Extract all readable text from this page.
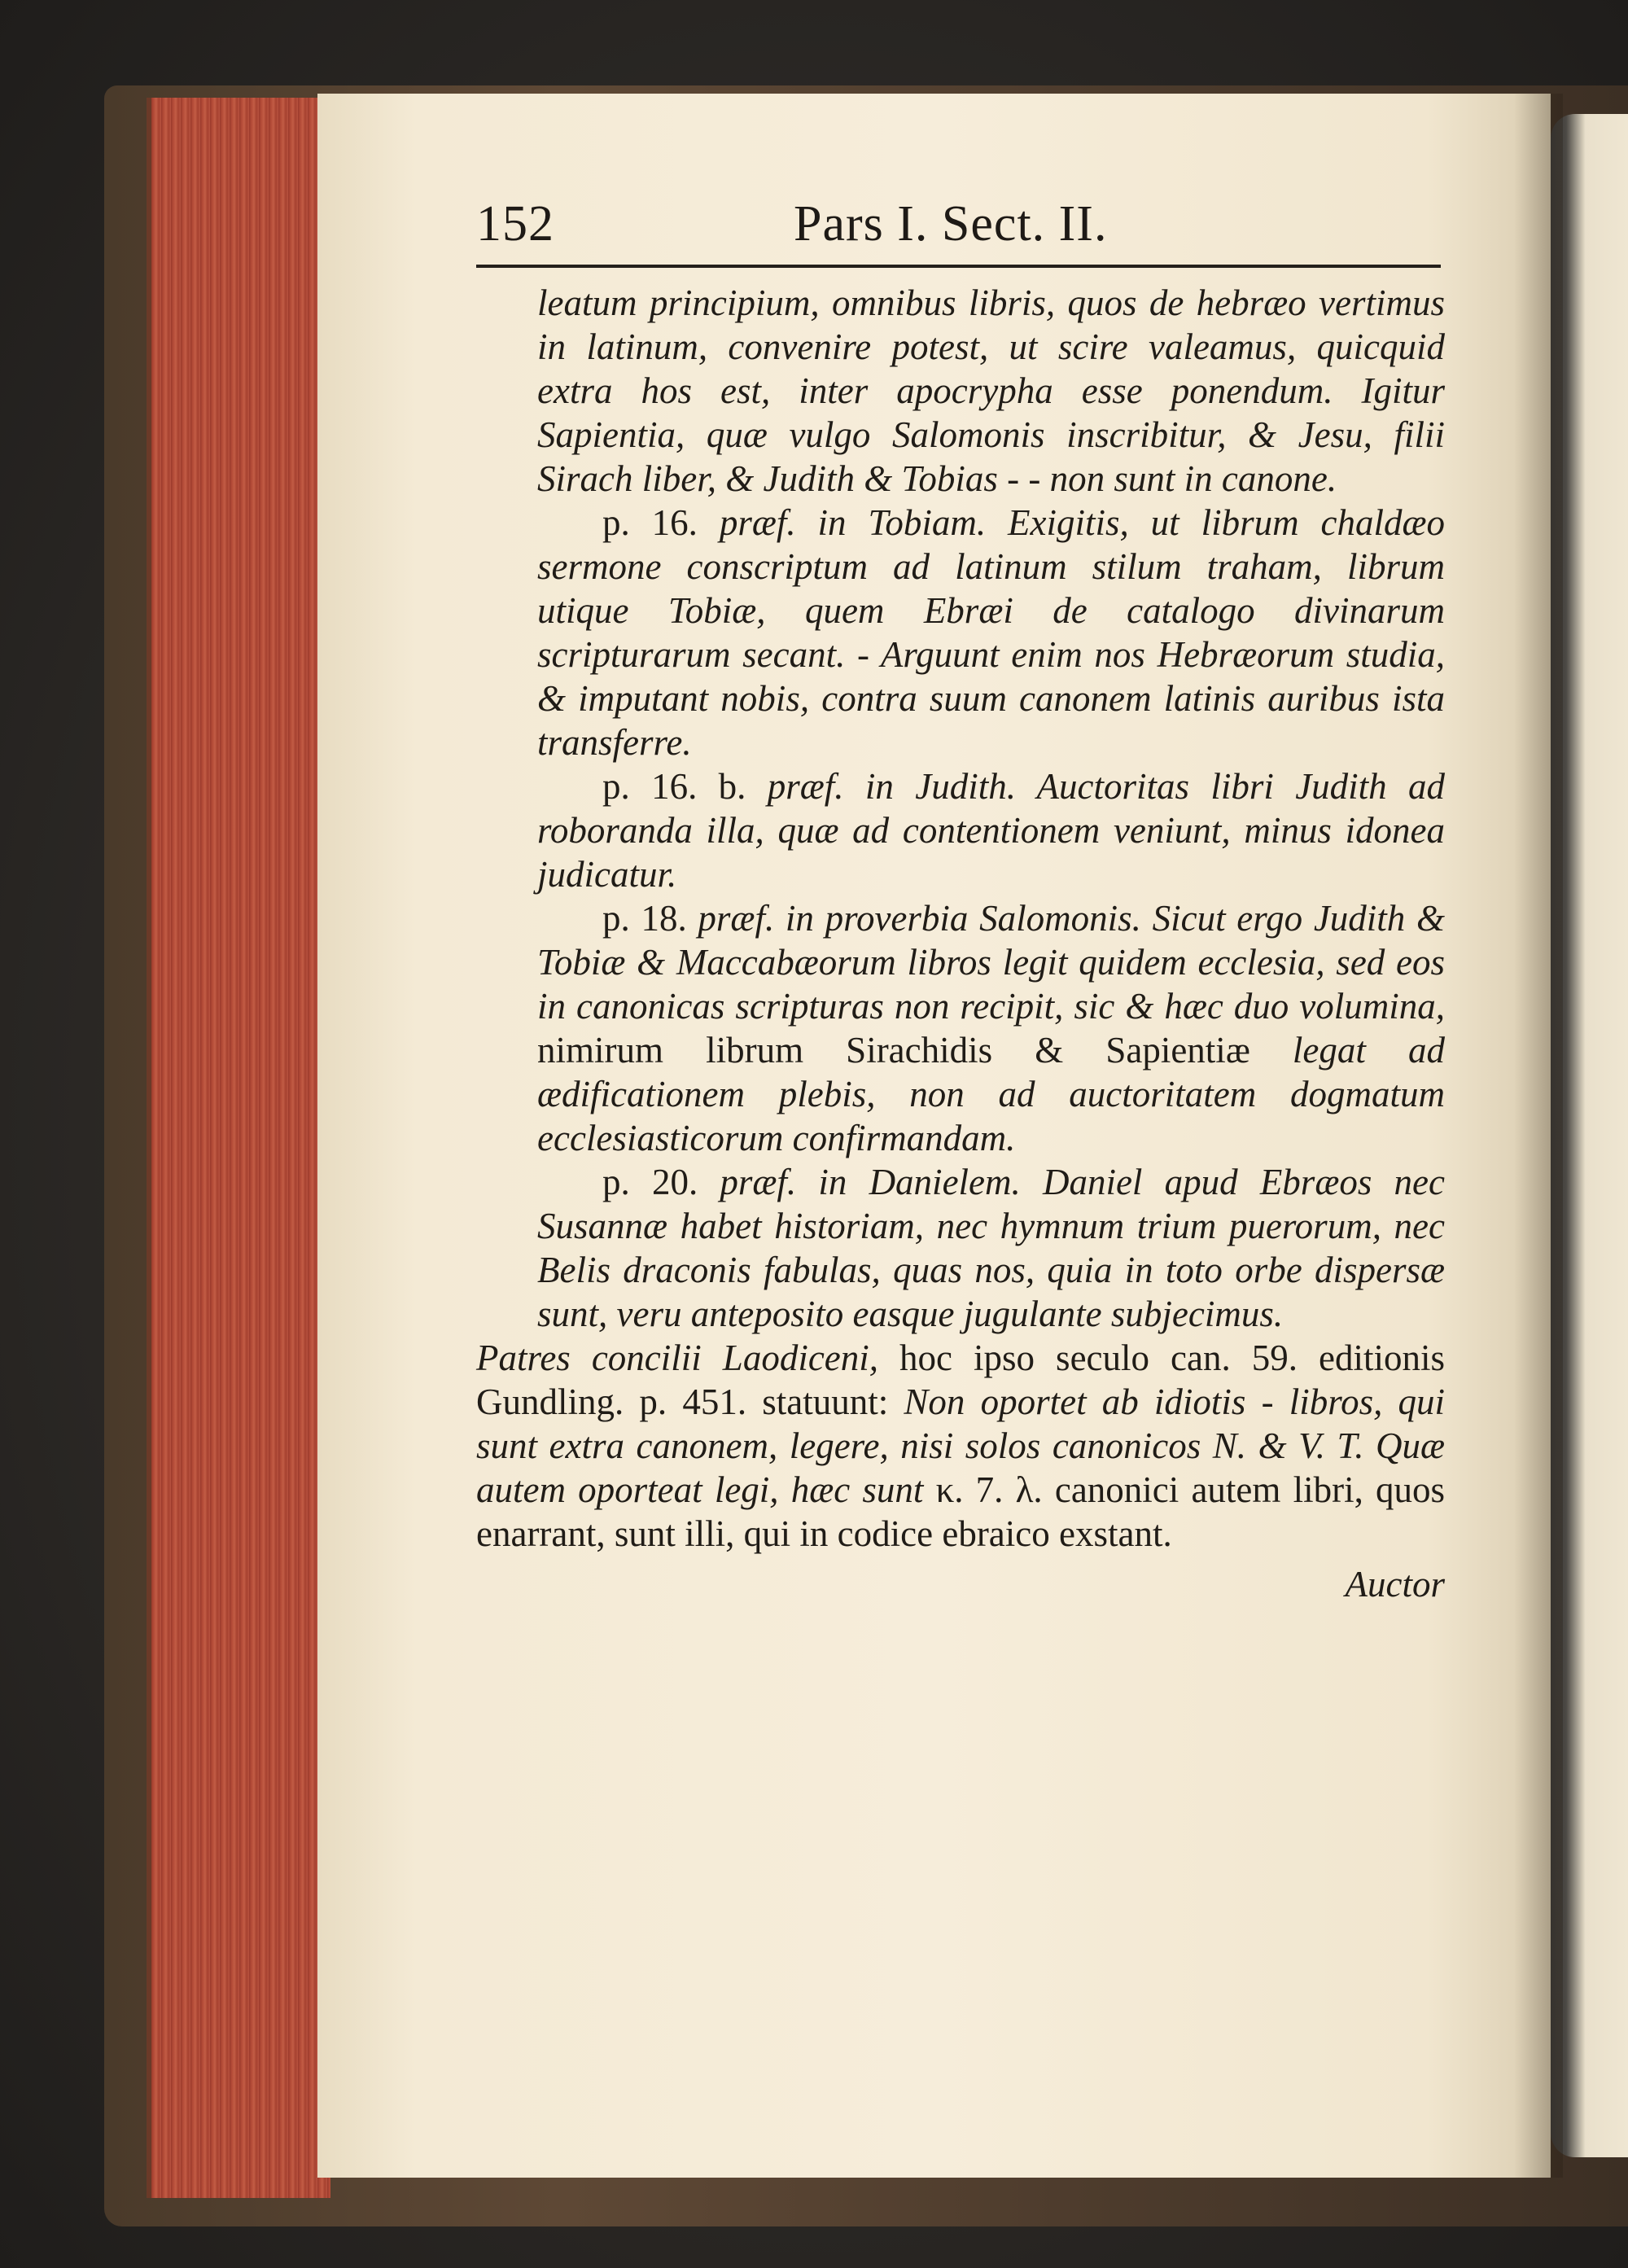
152	Pars I. Sect. II.

leatum principium, omnibus libris, quos de hebræo vertimus in latinum, convenire potest, ut scire valeamus, quicquid extra hos est, inter apocrypha esse ponendum. Igitur Sapientia, quæ vulgo Salomonis inscribitur, & Jesu, filii Sirach liber, & Judith & Tobias - - non sunt in canone.

p. 16. præf. in Tobiam. Exigitis, ut librum chaldæo sermone conscriptum ad latinum stilum traham, librum utique Tobiæ, quem Ebræi de catalogo divinarum scripturarum secant. - Arguunt enim nos Hebræorum studia, & imputant nobis, contra suum canonem latinis auribus ista transferre.

p. 16. b. præf. in Judith. Auctoritas libri Judith ad roboranda illa, quæ ad contentionem veniunt, minus idonea judicatur.

p. 18. præf. in proverbia Salomonis. Sicut ergo Judith & Tobiæ & Maccabæorum libros legit quidem ecclesia, sed eos in canonicas scripturas non recipit, sic & hæc duo volumina, nimirum librum Sirachidis & Sapientiæ legat ad ædificationem plebis, non ad auctoritatem dogmatum ecclesiasticorum confirmandam.

p. 20. præf. in Danielem. Daniel apud Ebræos nec Susannæ habet historiam, nec hymnum trium puerorum, nec Belis draconis fabulas, quas nos, quia in toto orbe dispersæ sunt, veru anteposito easque jugulante subjecimus.

Patres concilii Laodiceni, hoc ipso seculo can. 59. editionis Gundling. p. 451. statuunt: Non oportet ab idiotis - libros, qui sunt extra canonem, legere, nisi solos canonicos N. & V. T. Quæ autem oporteat legi, hæc sunt κ. 7. λ. canonici autem libri, quos enarrant, sunt illi, qui in codice ebraico exstant.

Auctor
